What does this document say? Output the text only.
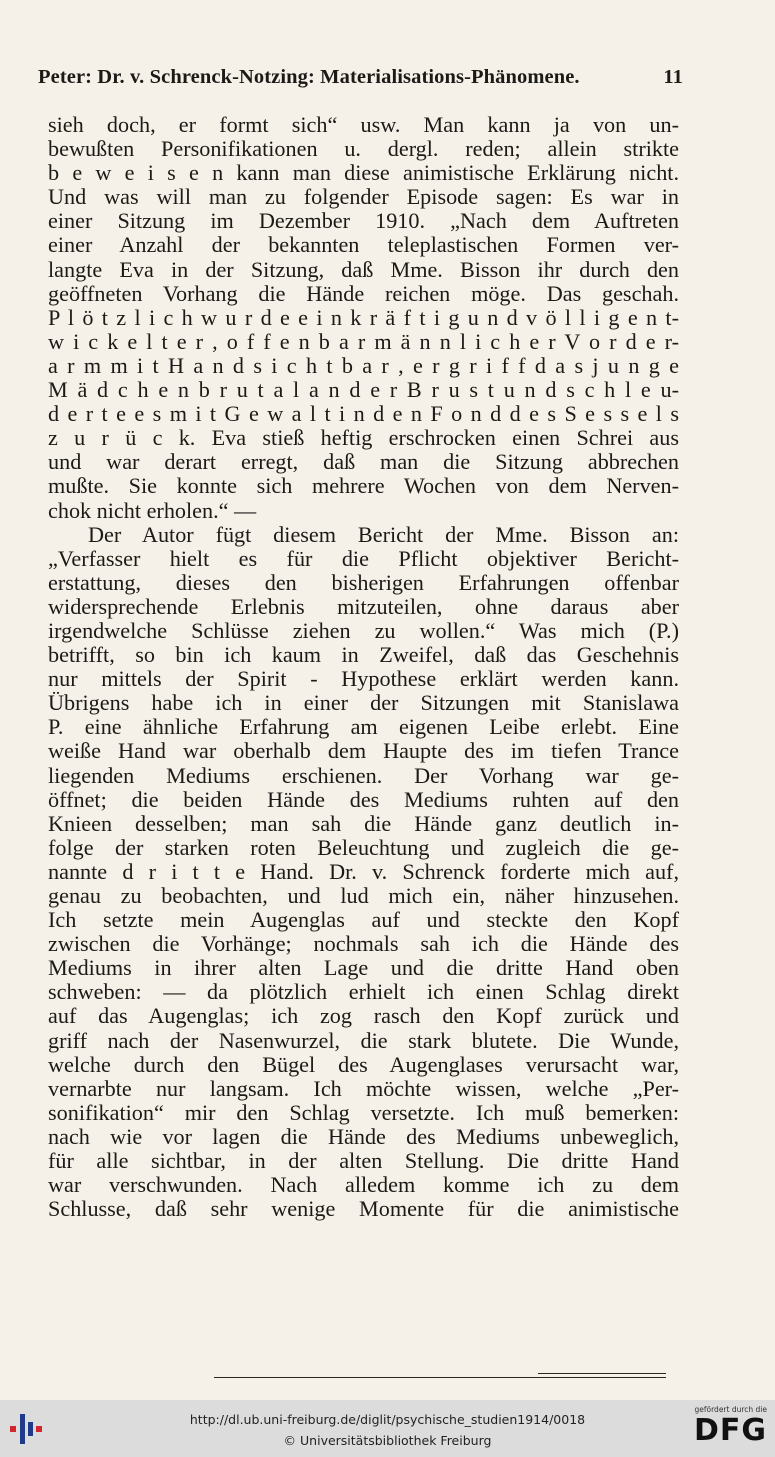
Peter: Dr. v. Schrenck-Notzing: Materialisations-Phänomene.	11
sieh doch, er formt sich“ usw. Man kann ja von un-
bewußten Personifikationen u. dergl. reden; allein strikte
b e w e i s e n kann man diese animistische Erklärung nicht.
Und was will man zu folgender Episode sagen: Es war in
einer Sitzung im Dezember 1910. „Nach dem Auftreten
einer Anzahl der bekannten teleplastischen Formen ver-
langte Eva in der Sitzung, daß Mme. Bisson ihr durch den
geöffneten Vorhang die Hände reichen möge. Das geschah.
P l ö t z l i c h w u r d e e i n k r ä f t i g u n d v ö l l i g e n t-
w i c k e l t e r , o f f e n b a r m ä n n l i c h e r V o r d e r-
a r m m i t H a n d s i c h t b a r , e r g r i f f d a s j u n g e
M ä d c h e n b r u t a l a n d e r B r u s t u n d s c h l e u-
d e r t e e s m i t G e w a l t i n d e n F o n d d e s S e s s e l s
z u r ü c k. Eva stieß heftig erschrocken einen Schrei aus
und war derart erregt, daß man die Sitzung abbrechen
mußte. Sie konnte sich mehrere Wochen von dem Nerven-
chok nicht erholen.“ —
Der Autor fügt diesem Bericht der Mme. Bisson an:
„Verfasser hielt es für die Pflicht objektiver Bericht-
erstattung, dieses den bisherigen Erfahrungen offenbar
widersprechende Erlebnis mitzuteilen, ohne daraus aber
irgendwelche Schlüsse ziehen zu wollen.“ Was mich (P.)
betrifft, so bin ich kaum in Zweifel, daß das Geschehnis
nur mittels der Spirit - Hypothese erklärt werden kann.
Übrigens habe ich in einer der Sitzungen mit Stanislawa
P. eine ähnliche Erfahrung am eigenen Leibe erlebt. Eine
weiße Hand war oberhalb dem Haupte des im tiefen Trance
liegenden Mediums erschienen. Der Vorhang war ge-
öffnet; die beiden Hände des Mediums ruhten auf den
Knieen desselben; man sah die Hände ganz deutlich in-
folge der starken roten Beleuchtung und zugleich die ge-
nannte d r i t t e Hand. Dr. v. Schrenck forderte mich auf,
genau zu beobachten, und lud mich ein, näher hinzusehen.
Ich setzte mein Augenglas auf und steckte den Kopf
zwischen die Vorhänge; nochmals sah ich die Hände des
Mediums in ihrer alten Lage und die dritte Hand oben
schweben: — da plötzlich erhielt ich einen Schlag direkt
auf das Augenglas; ich zog rasch den Kopf zurück und
griff nach der Nasenwurzel, die stark blutete. Die Wunde,
welche durch den Bügel des Augenglases verursacht war,
vernarbte nur langsam. Ich möchte wissen, welche „Per-
sonifikation“ mir den Schlag versetzte. Ich muß bemerken:
nach wie vor lagen die Hände des Mediums unbeweglich,
für alle sichtbar, in der alten Stellung. Die dritte Hand
war verschwunden. Nach alledem komme ich zu dem
Schlusse, daß sehr wenige Momente für die animistische
http://dl.ub.uni-freiburg.de/diglit/psychische_studien1914/0018
© Universitätsbibliothek Freiburg
gefördert durch die
DFG
